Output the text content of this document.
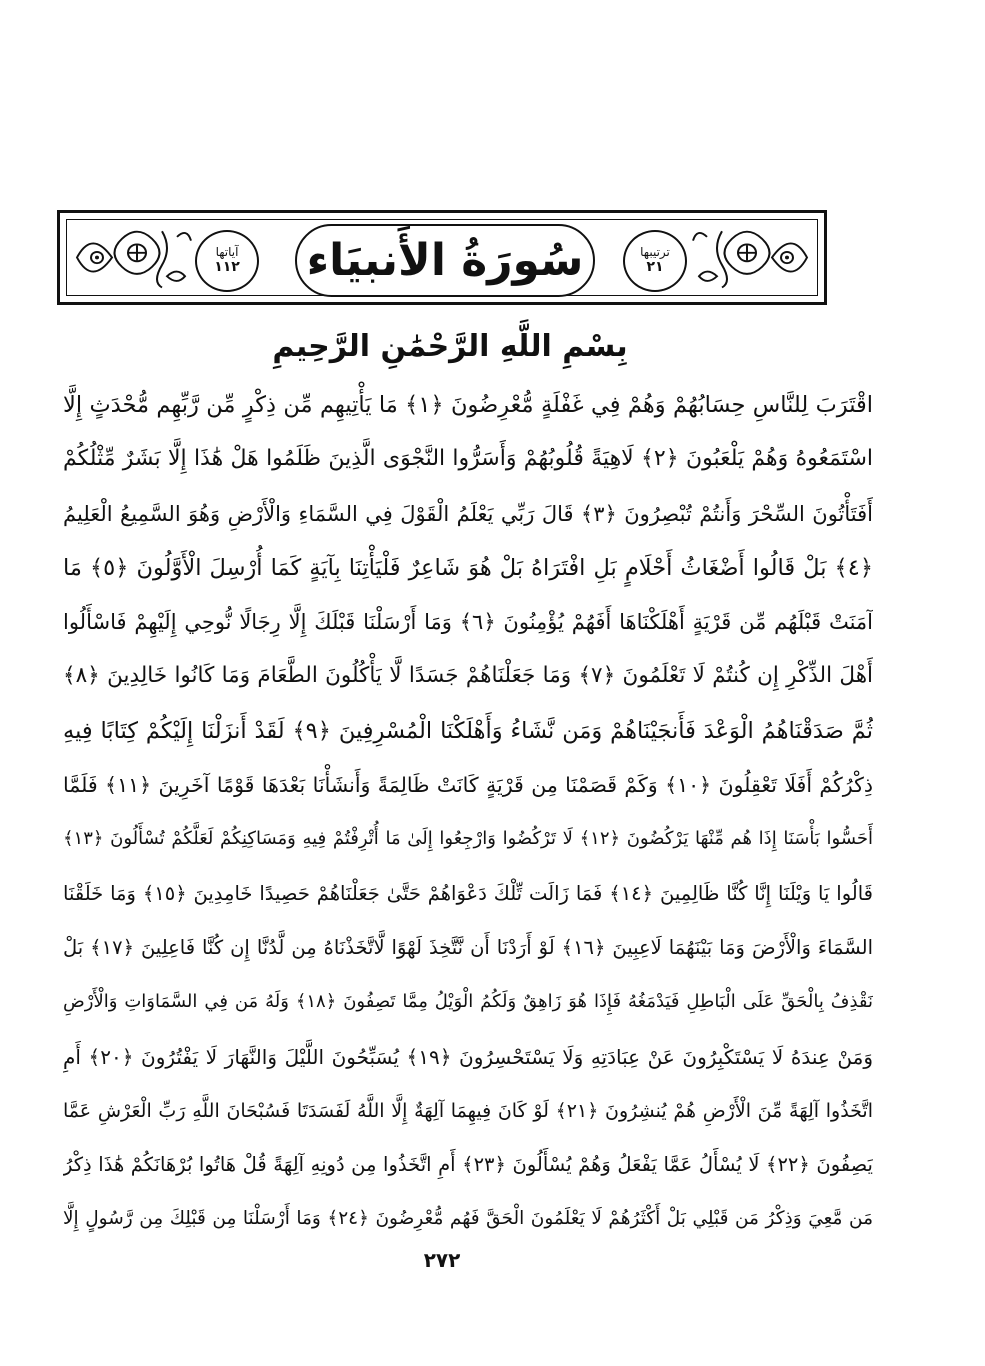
ترتيبها
٢١
سُورَةُ الأَنبيَاء
آياتها
١١٢
بِسْمِ اللَّهِ الرَّحْمَٰنِ الرَّحِيمِ
اقْتَرَبَ لِلنَّاسِ حِسَابُهُمْ وَهُمْ فِي غَفْلَةٍ مُّعْرِضُونَ ﴿١﴾ مَا يَأْتِيهِم مِّن ذِكْرٍ مِّن رَّبِّهِم مُّحْدَثٍ إِلَّا
اسْتَمَعُوهُ وَهُمْ يَلْعَبُونَ ﴿٢﴾ لَاهِيَةً قُلُوبُهُمْ وَأَسَرُّوا النَّجْوَى الَّذِينَ ظَلَمُوا هَلْ هَٰذَا إِلَّا بَشَرٌ مِّثْلُكُمْ
أَفَتَأْتُونَ السِّحْرَ وَأَنتُمْ تُبْصِرُونَ ﴿٣﴾ قَالَ رَبِّي يَعْلَمُ الْقَوْلَ فِي السَّمَاءِ وَالْأَرْضِ وَهُوَ السَّمِيعُ الْعَلِيمُ
﴿٤﴾ بَلْ قَالُوا أَضْغَاثُ أَحْلَامٍ بَلِ افْتَرَاهُ بَلْ هُوَ شَاعِرٌ فَلْيَأْتِنَا بِآيَةٍ كَمَا أُرْسِلَ الْأَوَّلُونَ ﴿٥﴾ مَا
آمَنَتْ قَبْلَهُم مِّن قَرْيَةٍ أَهْلَكْنَاهَا أَفَهُمْ يُؤْمِنُونَ ﴿٦﴾ وَمَا أَرْسَلْنَا قَبْلَكَ إِلَّا رِجَالًا نُّوحِي إِلَيْهِمْ فَاسْأَلُوا
أَهْلَ الذِّكْرِ إِن كُنتُمْ لَا تَعْلَمُونَ ﴿٧﴾ وَمَا جَعَلْنَاهُمْ جَسَدًا لَّا يَأْكُلُونَ الطَّعَامَ وَمَا كَانُوا خَالِدِينَ ﴿٨﴾
ثُمَّ صَدَقْنَاهُمُ الْوَعْدَ فَأَنجَيْنَاهُمْ وَمَن نَّشَاءُ وَأَهْلَكْنَا الْمُسْرِفِينَ ﴿٩﴾ لَقَدْ أَنزَلْنَا إِلَيْكُمْ كِتَابًا فِيهِ
ذِكْرُكُمْ أَفَلَا تَعْقِلُونَ ﴿١٠﴾ وَكَمْ قَصَمْنَا مِن قَرْيَةٍ كَانَتْ ظَالِمَةً وَأَنشَأْنَا بَعْدَهَا قَوْمًا آخَرِينَ ﴿١١﴾ فَلَمَّا
أَحَسُّوا بَأْسَنَا إِذَا هُم مِّنْهَا يَرْكُضُونَ ﴿١٢﴾ لَا تَرْكُضُوا وَارْجِعُوا إِلَىٰ مَا أُتْرِفْتُمْ فِيهِ وَمَسَاكِنِكُمْ لَعَلَّكُمْ تُسْأَلُونَ ﴿١٣﴾
قَالُوا يَا وَيْلَنَا إِنَّا كُنَّا ظَالِمِينَ ﴿١٤﴾ فَمَا زَالَت تِّلْكَ دَعْوَاهُمْ حَتَّىٰ جَعَلْنَاهُمْ حَصِيدًا خَامِدِينَ ﴿١٥﴾ وَمَا خَلَقْنَا
السَّمَاءَ وَالْأَرْضَ وَمَا بَيْنَهُمَا لَاعِبِينَ ﴿١٦﴾ لَوْ أَرَدْنَا أَن نَّتَّخِذَ لَهْوًا لَّاتَّخَذْنَاهُ مِن لَّدُنَّا إِن كُنَّا فَاعِلِينَ ﴿١٧﴾ بَلْ
نَقْذِفُ بِالْحَقِّ عَلَى الْبَاطِلِ فَيَدْمَغُهُ فَإِذَا هُوَ زَاهِقٌ وَلَكُمُ الْوَيْلُ مِمَّا تَصِفُونَ ﴿١٨﴾ وَلَهُ مَن فِي السَّمَاوَاتِ وَالْأَرْضِ
وَمَنْ عِندَهُ لَا يَسْتَكْبِرُونَ عَنْ عِبَادَتِهِ وَلَا يَسْتَحْسِرُونَ ﴿١٩﴾ يُسَبِّحُونَ اللَّيْلَ وَالنَّهَارَ لَا يَفْتُرُونَ ﴿٢٠﴾ أَمِ
اتَّخَذُوا آلِهَةً مِّنَ الْأَرْضِ هُمْ يُنشِرُونَ ﴿٢١﴾ لَوْ كَانَ فِيهِمَا آلِهَةٌ إِلَّا اللَّهُ لَفَسَدَتَا فَسُبْحَانَ اللَّهِ رَبِّ الْعَرْشِ عَمَّا
يَصِفُونَ ﴿٢٢﴾ لَا يُسْأَلُ عَمَّا يَفْعَلُ وَهُمْ يُسْأَلُونَ ﴿٢٣﴾ أَمِ اتَّخَذُوا مِن دُونِهِ آلِهَةً قُلْ هَاتُوا بُرْهَانَكُمْ هَٰذَا ذِكْرُ
مَن مَّعِيَ وَذِكْرُ مَن قَبْلِي بَلْ أَكْثَرُهُمْ لَا يَعْلَمُونَ الْحَقَّ فَهُم مُّعْرِضُونَ ﴿٢٤﴾ وَمَا أَرْسَلْنَا مِن قَبْلِكَ مِن رَّسُولٍ إِلَّا
٢٧٢
